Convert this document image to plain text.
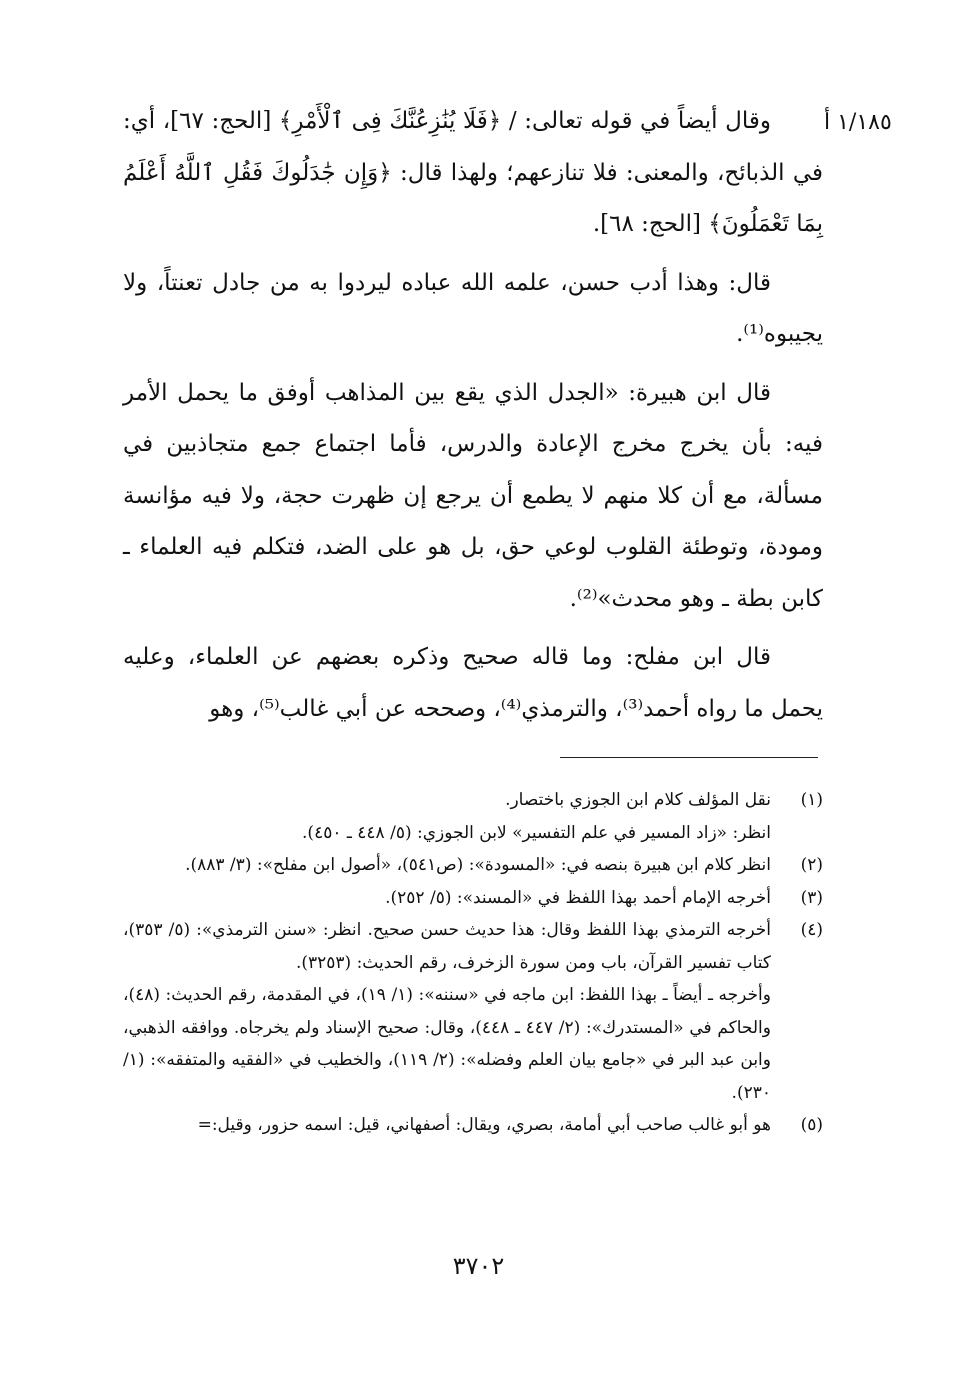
١/١٨٥ أ

وقال أيضاً في قوله تعالى: / ﴿فَلَا يُنَٰزِعُنَّكَ فِى ٱلْأَمْرِ﴾ [الحج: ٦٧]، أي: في الذبائح، والمعنى: فلا تنازعهم؛ ولهذا قال: ﴿وَإِن جَٰدَلُوكَ فَقُلِ ٱللَّهُ أَعْلَمُ بِمَا تَعْمَلُونَ﴾ [الحج: ٦٨].

قال: وهذا أدب حسن، علمه الله عباده ليردوا به من جادل تعنتاً، ولا يجيبوه⁽¹⁾.

قال ابن هبيرة: «الجدل الذي يقع بين المذاهب أوفق ما يحمل الأمر فيه: بأن يخرج مخرج الإعادة والدرس، فأما اجتماع جمع متجاذبين في مسألة، مع أن كلا منهم لا يطمع أن يرجع إن ظهرت حجة، ولا فيه مؤانسة ومودة، وتوطئة القلوب لوعي حق، بل هو على الضد، فتكلم فيه العلماء ـ كابن بطة ـ وهو محدث»⁽²⁾.

قال ابن مفلح: وما قاله صحيح وذكره بعضهم عن العلماء، وعليه يحمل ما رواه أحمد⁽³⁾، والترمذي⁽⁴⁾، وصححه عن أبي غالب⁽⁵⁾، وهو

(١)
نقل المؤلف كلام ابن الجوزي باختصار.
انظر: «زاد المسير في علم التفسير» لابن الجوزي: (٥/ ٤٤٨ ـ ٤٥٠).
(٢)
انظر كلام ابن هبيرة بنصه في: «المسودة»: (ص٥٤١)، «أصول ابن مفلح»: (٣/ ٨٨٣).
(٣)
أخرجه الإمام أحمد بهذا اللفظ في «المسند»: (٥/ ٢٥٢).
(٤)
أخرجه الترمذي بهذا اللفظ وقال: هذا حديث حسن صحيح. انظر: «سنن الترمذي»: (٥/ ٣٥٣)، كتاب تفسير القرآن، باب ومن سورة الزخرف، رقم الحديث: (٣٢٥٣).
وأخرجه ـ أيضاً ـ بهذا اللفظ: ابن ماجه في «سننه»: (١/ ١٩)، في المقدمة، رقم الحديث: (٤٨)، والحاكم في «المستدرك»: (٢/ ٤٤٧ ـ ٤٤٨)، وقال: صحيح الإسناد ولم يخرجاه. ووافقه الذهبي، وابن عبد البر في «جامع بيان العلم وفضله»: (٢/ ١١٩)، والخطيب في «الفقيه والمتفقه»: (١/ ٢٣٠).
(٥)
هو أبو غالب صاحب أبي أمامة، بصري، ويقال: أصفهاني، قيل: اسمه حزور، وقيل:=
٣٧٠٢
